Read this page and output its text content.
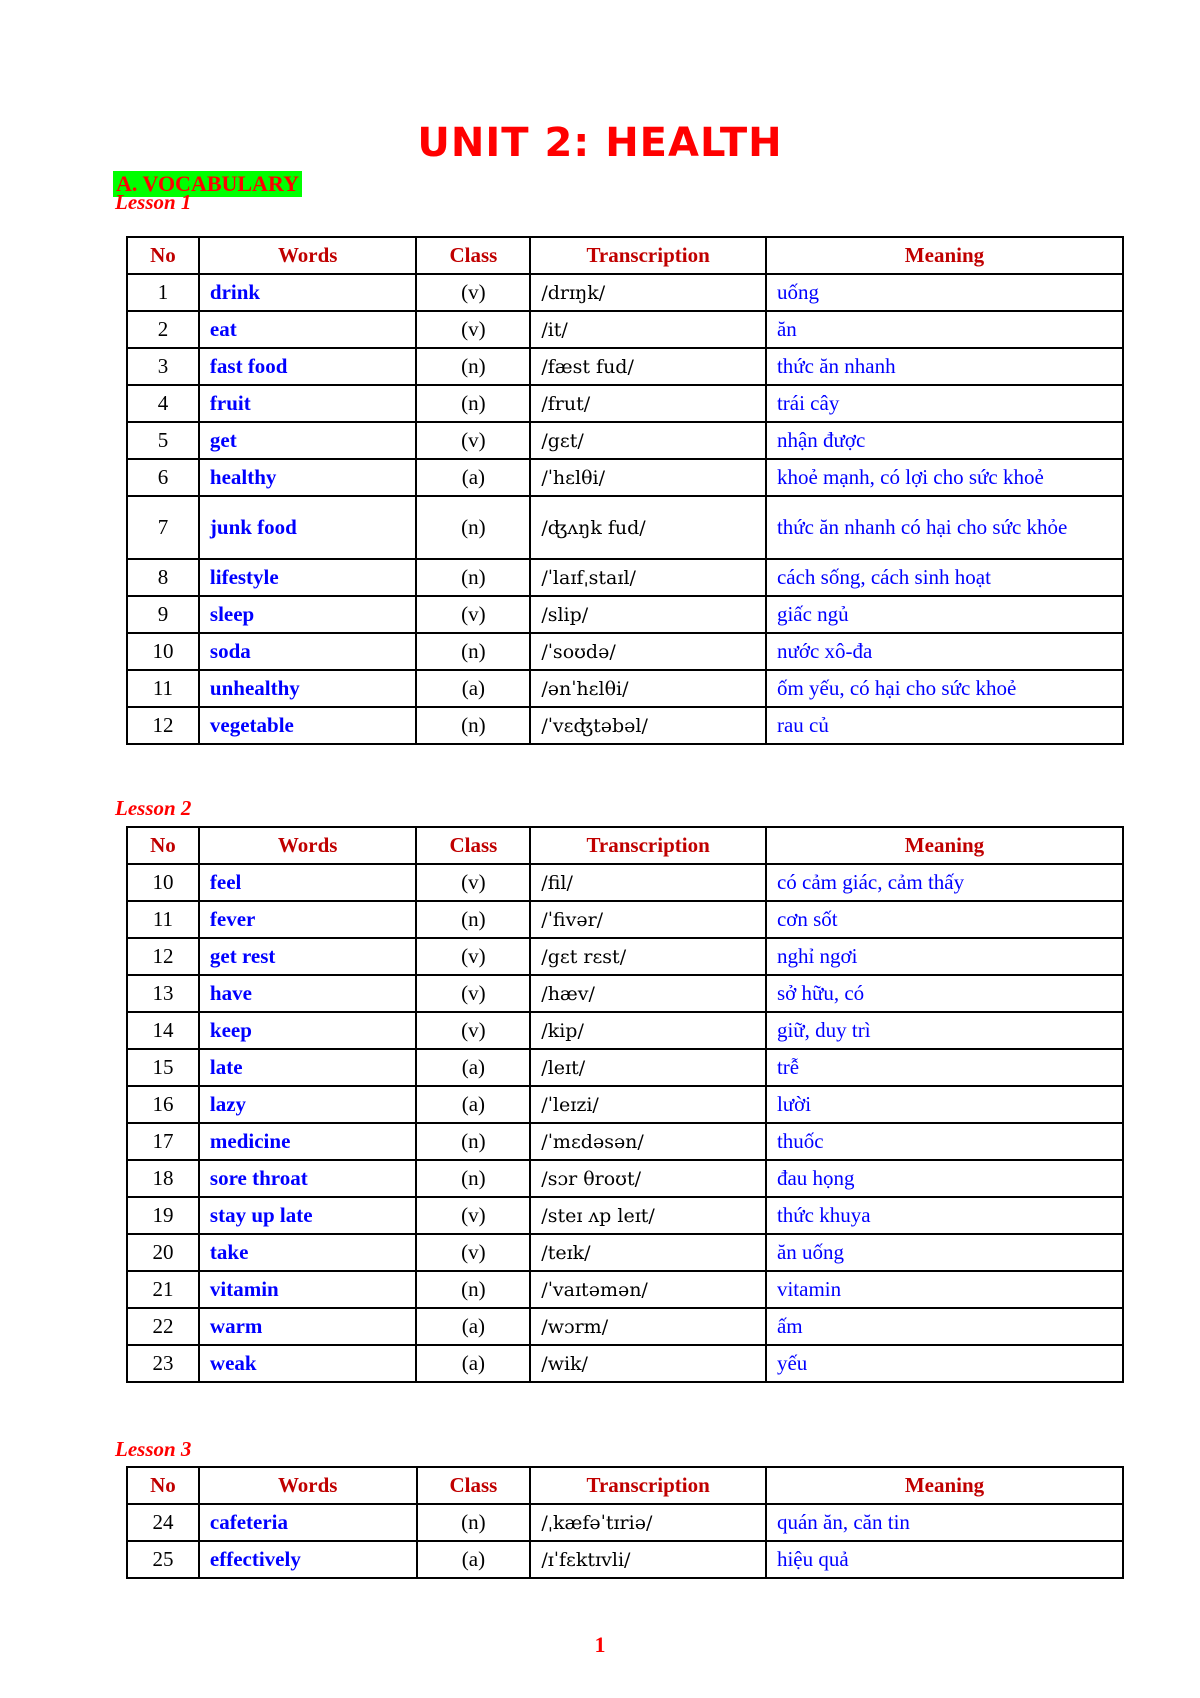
UNIT 2: HEALTH
A. VOCABULARY
Lesson 1
No	Words	Class	Transcription	Meaning
1	drink	(v)	/drɪŋk/	uống
2	eat	(v)	/it/	ăn
3	fast food	(n)	/fæst fud/	thức ăn nhanh
4	fruit	(n)	/frut/	trái cây
5	get	(v)	/gɛt/	nhận được
6	healthy	(a)	/ˈhɛlθi/	khoẻ mạnh, có lợi cho sức khoẻ
7	junk food	(n)	/ʤʌŋk fud/	thức ăn nhanh có hại cho sức khỏe
8	lifestyle	(n)	/ˈlaɪfˌstaɪl/	cách sống, cách sinh hoạt
9	sleep	(v)	/slip/	giấc ngủ
10	soda	(n)	/ˈsoʊdə/	nước xô-đa
11	unhealthy	(a)	/ənˈhɛlθi/	ốm yếu, có hại cho sức khoẻ
12	vegetable	(n)	/ˈvɛʤtəbəl/	rau củ
Lesson 2
No	Words	Class	Transcription	Meaning
10	feel	(v)	/fil/	có cảm giác, cảm thấy
11	fever	(n)	/ˈfivər/	cơn sốt
12	get rest	(v)	/gɛt rɛst/	nghỉ ngơi
13	have	(v)	/hæv/	sở hữu, có
14	keep	(v)	/kip/	giữ, duy trì
15	late	(a)	/leɪt/	trễ
16	lazy	(a)	/ˈleɪzi/	lười
17	medicine	(n)	/ˈmɛdəsən/	thuốc
18	sore throat	(n)	/sɔr θroʊt/	đau họng
19	stay up late	(v)	/steɪ ʌp leɪt/	thức khuya
20	take	(v)	/teɪk/	ăn uống
21	vitamin	(n)	/ˈvaɪtəmən/	vitamin
22	warm	(a)	/wɔrm/	ấm
23	weak	(a)	/wik/	yếu
Lesson 3
No	Words	Class	Transcription	Meaning
24	cafeteria	(n)	/ˌkæfəˈtɪriə/	quán ăn, căn tin
25	effectively	(a)	/ɪˈfɛktɪvli/	hiệu quả
1
